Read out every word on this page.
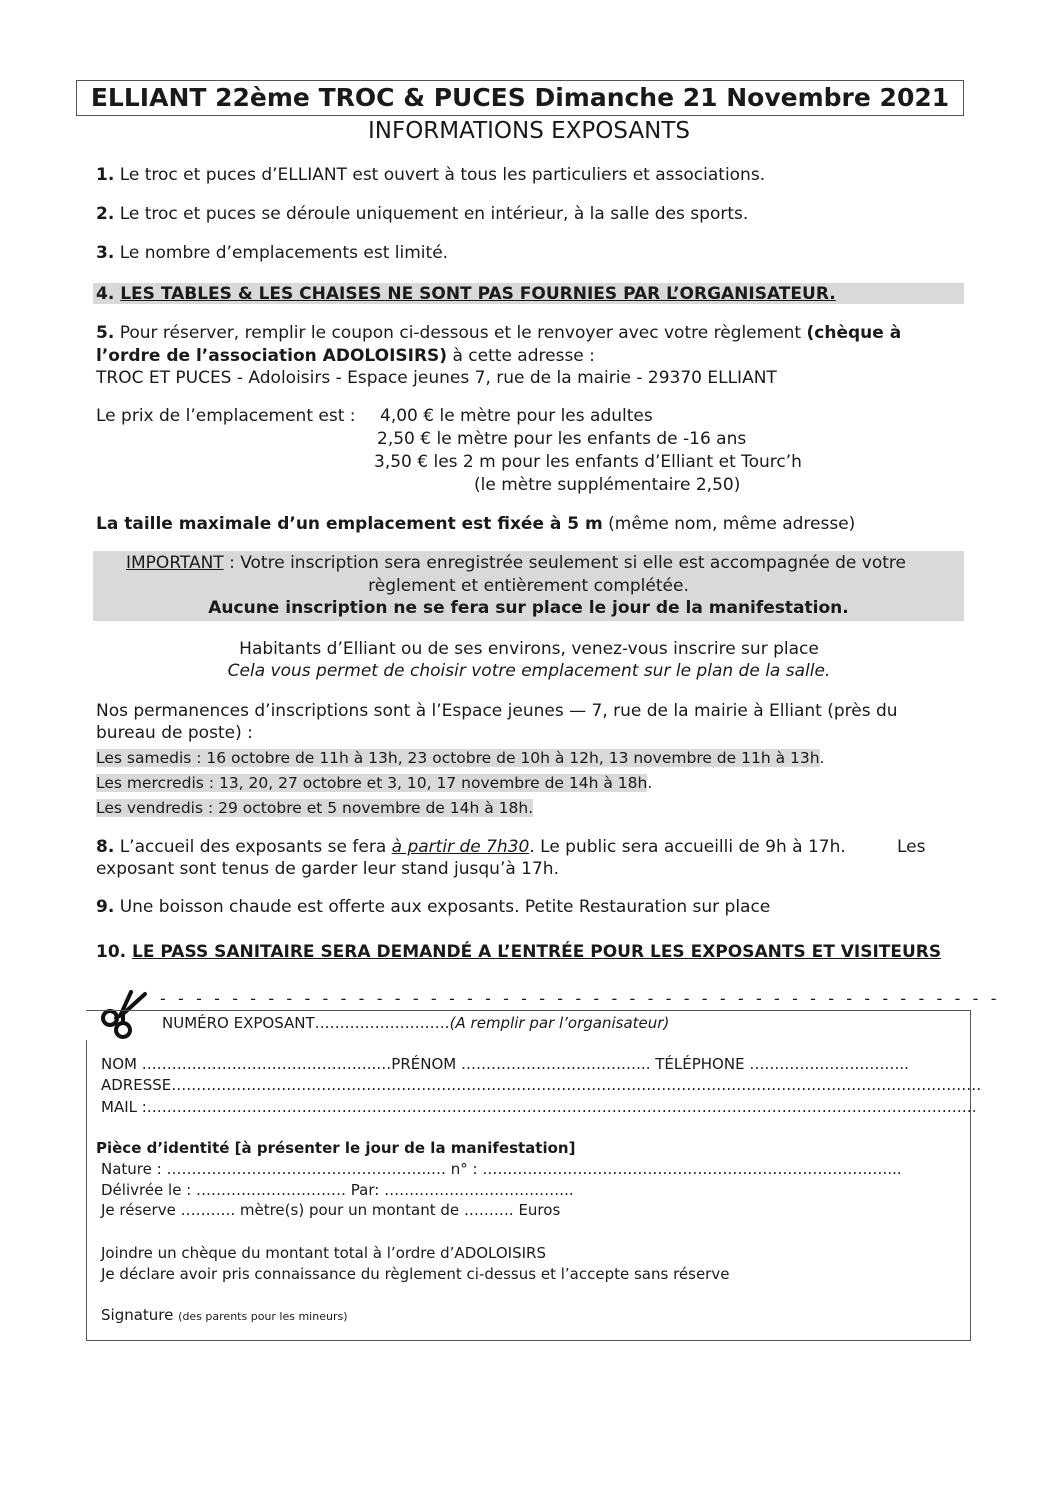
ELLIANT 22ème TROC & PUCES Dimanche 21 Novembre 2021
INFORMATIONS EXPOSANTS
1. Le troc et puces d’ELLIANT est ouvert à tous les particuliers et associations.
2. Le troc et puces se déroule uniquement en intérieur, à la salle des sports.
3. Le nombre d’emplacements est limité.
4. LES TABLES & LES CHAISES NE SONT PAS FOURNIES PAR L’ORGANISATEUR.
5. Pour réserver, remplir le coupon ci-dessous et le renvoyer avec votre règlement (chèque à
l’ordre de l’association ADOLOISIRS) à cette adresse :
TROC ET PUCES - Adoloisirs - Espace jeunes 7, rue de la mairie - 29370 ELLIANT
Le prix de l’emplacement est : 4,00 € le mètre pour les adultes
2,50 € le mètre pour les enfants de -16 ans
3,50 € les 2 m pour les enfants d’Elliant et Tourc’h
(le mètre supplémentaire 2,50)
La taille maximale d’un emplacement est fixée à 5 m (même nom, même adresse)
IMPORTANT : Votre inscription sera enregistrée seulement si elle est accompagnée de votre
règlement et entièrement complétée.
Aucune inscription ne se fera sur place le jour de la manifestation.
Habitants d’Elliant ou de ses environs, venez-vous inscrire sur place
Cela vous permet de choisir votre emplacement sur le plan de la salle.
Nos permanences d’inscriptions sont à l’Espace jeunes — 7, rue de la mairie à Elliant (près du
bureau de poste) :
Les samedis : 16 octobre de 11h à 13h, 23 octobre de 10h à 12h, 13 novembre de 11h à 13h.
Les mercredis : 13, 20, 27 octobre et 3, 10, 17 novembre de 14h à 18h.
Les vendredis : 29 octobre et 5 novembre de 14h à 18h.
8. L’accueil des exposants se fera à partir de 7h30. Le public sera accueilli de 9h à 17h.	Les
exposant sont tenus de garder leur stand jusqu’à 17h.
9. Une boisson chaude est offerte aux exposants. Petite Restauration sur place
10. LE PASS SANITAIRE SERA DEMANDÉ A L’ENTRÉE POUR LES EXPOSANTS ET VISITEURS
- - - - - - - - - - - - - - - - - - - - - - - - - - - - - - - - - - - - - - - - - - - - - - -
NUMÉRO EXPOSANT………………………(A remplir par l’organisateur)
NOM ………………………………………..…PRÉNOM ……………………………….. TÉLÉPHONE …………………………..
ADRESSE………………………………………………………………………………………………………………………………………………
MAIL :………………………………………………………………………………………………………………………………………………….
Pièce d’identité [à présenter le jour de la manifestation]
Nature : ……………………………………………..… n° : ………………………………………………………………………...
Délivrée le : ………………………… Par: ………………………………..
Je réserve ……….. mètre(s) pour un montant de ………. Euros
Joindre un chèque du montant total à l’ordre d’ADOLOISIRS
Je déclare avoir pris connaissance du règlement ci-dessus et l’accepte sans réserve
Signature (des parents pour les mineurs)
